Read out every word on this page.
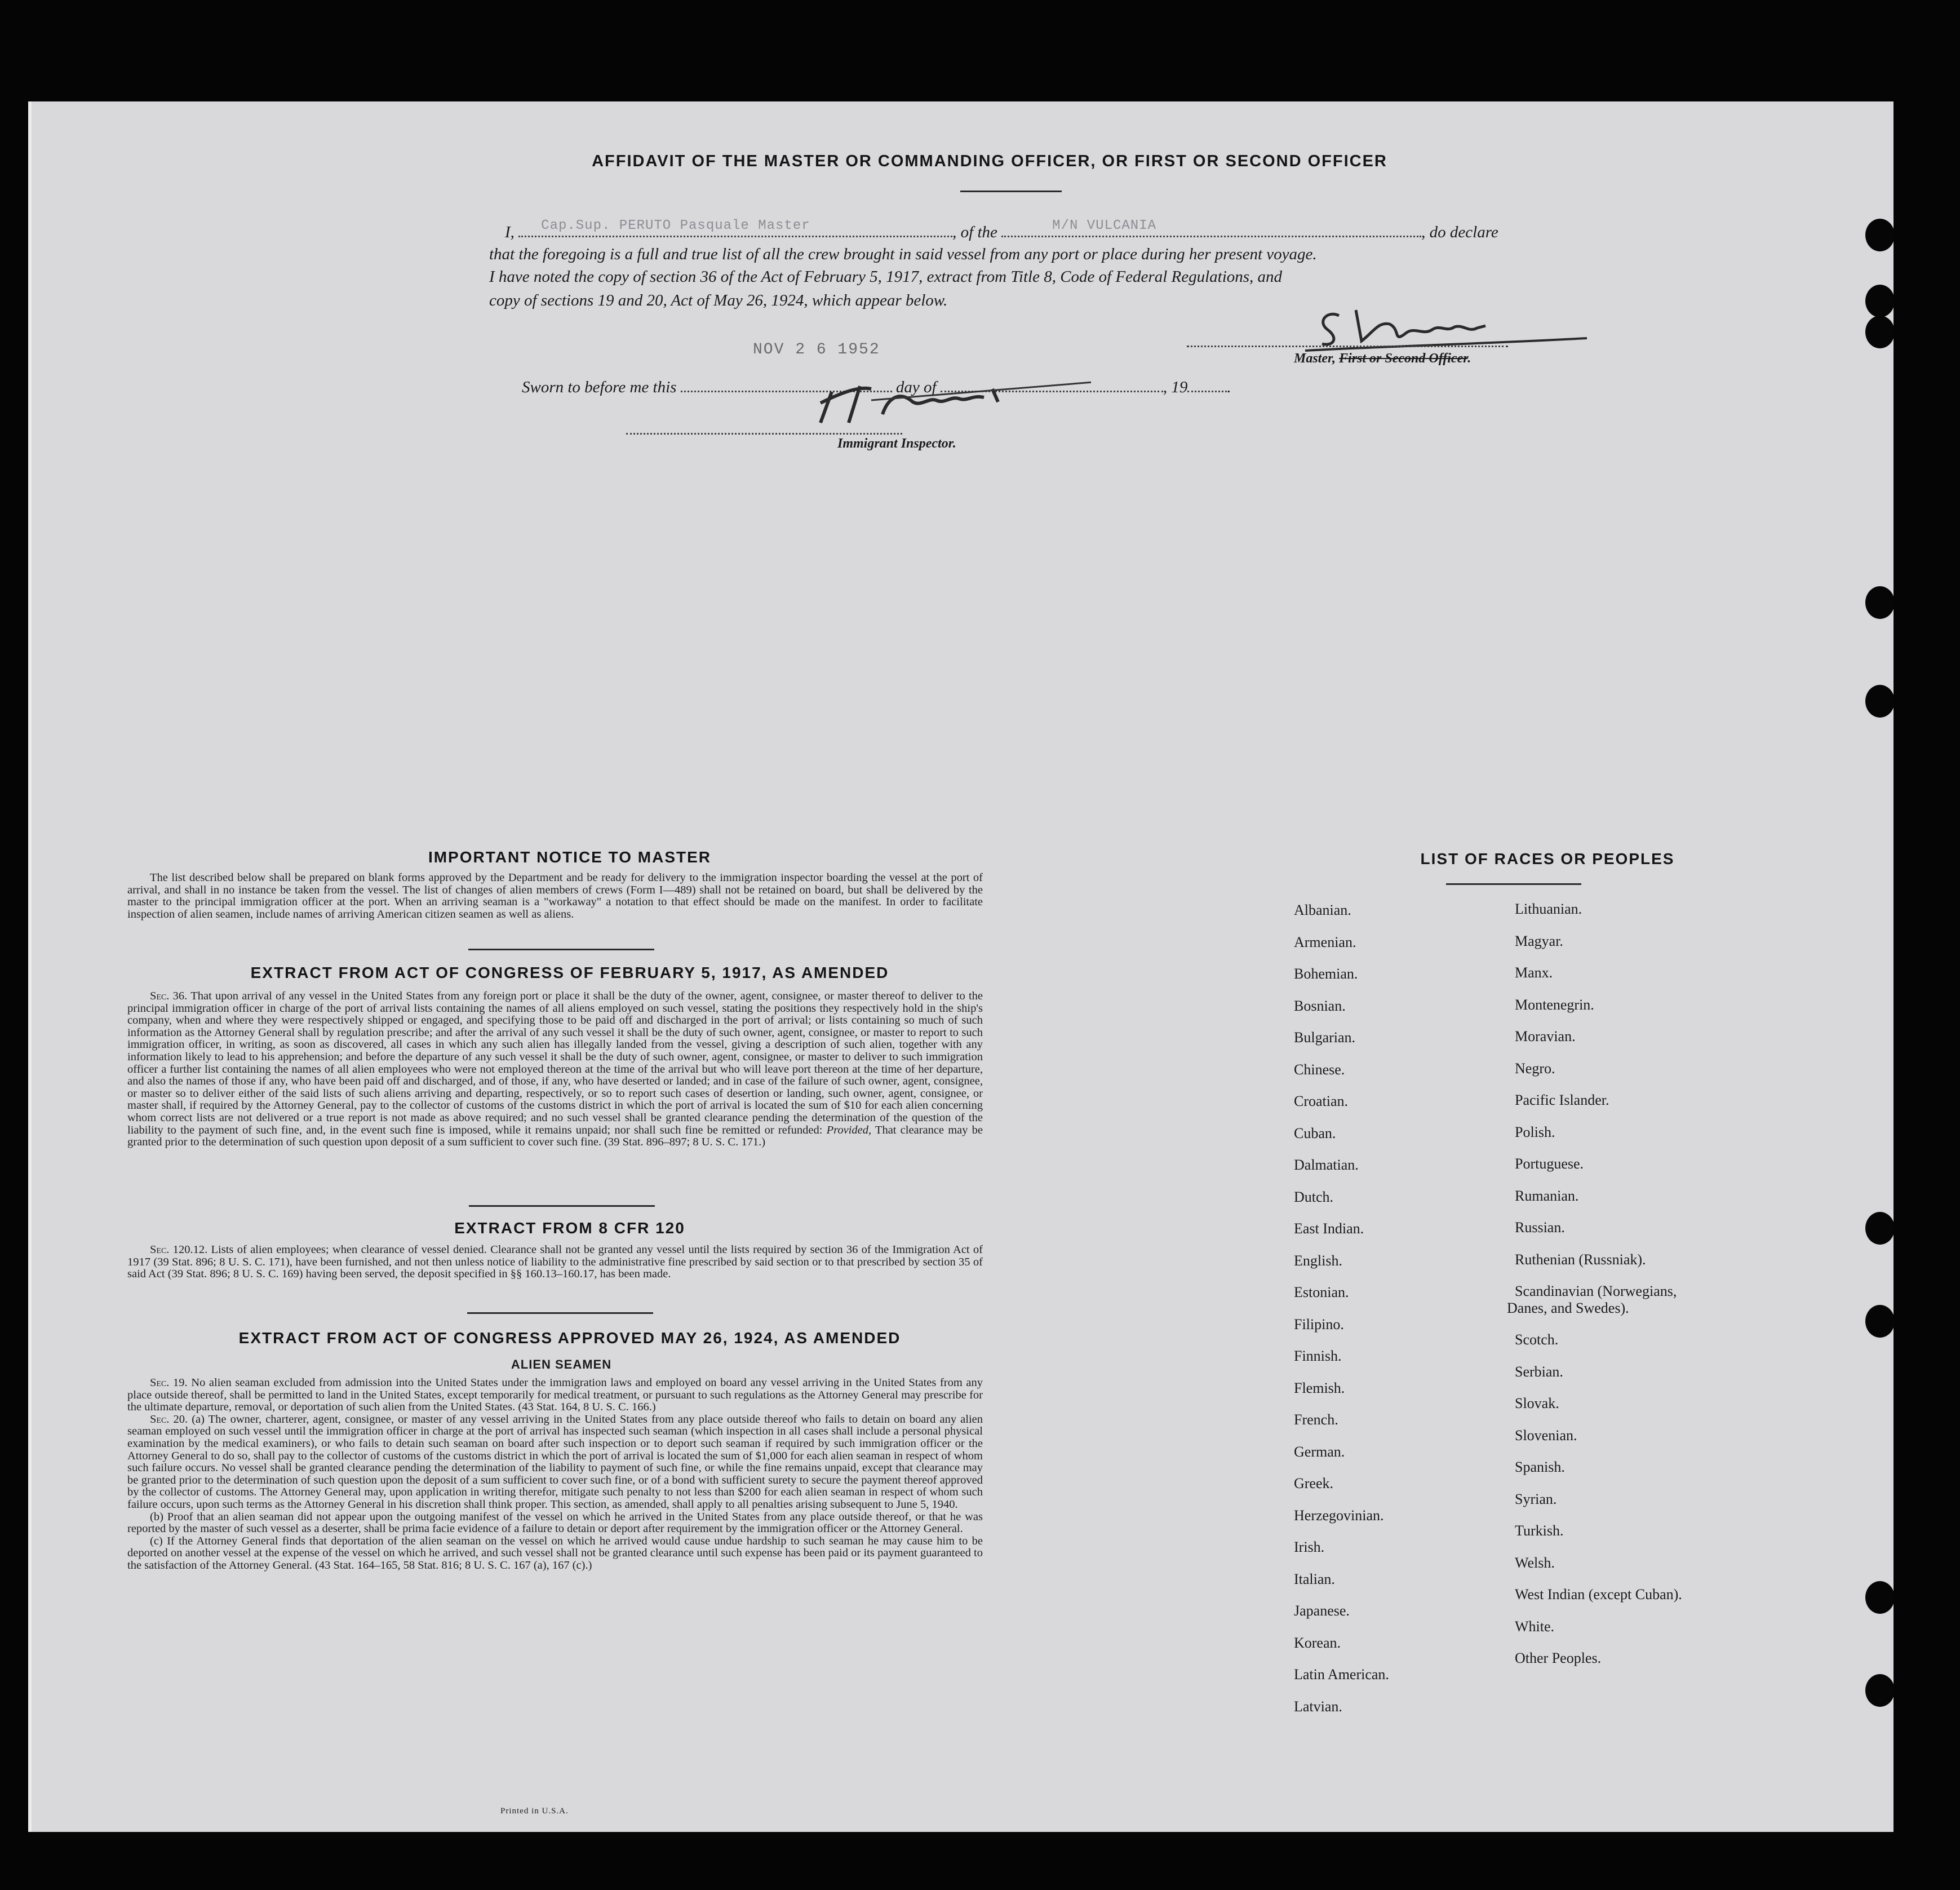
AFFIDAVIT OF THE MASTER OR COMMANDING OFFICER, OR FIRST OR SECOND OFFICER
I, Cap.Sup. PERUTO Pasquale Master	, of the	M/N VULCANIA	, do declare
that the foregoing is a full and true list of all the crew brought in said vessel from any port or place during her present voyage.
I have noted the copy of section 36 of the Act of February 5, 1917, extract from Title 8, Code of Federal Regulations, and
copy of sections 19 and 20, Act of May 26, 1924, which appear below.
NOV 2 6 1952	Master, First or Second Officer.
Sworn to before me this	day of	, 19 .
Immigrant Inspector.
IMPORTANT NOTICE TO MASTER

The list described below shall be prepared on blank forms approved by the Department and be ready for delivery to the immigration inspector boarding the vessel at the port of arrival, and shall in no instance be taken from the vessel. The list of changes of alien members of crews (Form I—489) shall not be retained on board, but shall be delivered by the master to the principal immigration officer at the port. When an arriving seaman is a "workaway" a notation to that effect should be made on the manifest. In order to facilitate inspection of alien seamen, include names of arriving American citizen seamen as well as aliens.

EXTRACT FROM ACT OF CONGRESS OF FEBRUARY 5, 1917, AS AMENDED

Sec. 36. That upon arrival of any vessel in the United States from any foreign port or place it shall be the duty of the owner, agent, consignee, or master thereof to deliver to the principal immigration officer in charge of the port of arrival lists containing the names of all aliens employed on such vessel, stating the positions they respectively hold in the ship's company, when and where they were respectively shipped or engaged, and specifying those to be paid off and discharged in the port of arrival; or lists containing so much of such information as the Attorney General shall by regulation prescribe; and after the arrival of any such vessel it shall be the duty of such owner, agent, consignee, or master to report to such immigration officer, in writing, as soon as discovered, all cases in which any such alien has illegally landed from the vessel, giving a description of such alien, together with any information likely to lead to his apprehension; and before the departure of any such vessel it shall be the duty of such owner, agent, consignee, or master to deliver to such immigration officer a further list containing the names of all alien employees who were not employed thereon at the time of the arrival but who will leave port thereon at the time of her departure, and also the names of those if any, who have been paid off and discharged, and of those, if any, who have deserted or landed; and in case of the failure of such owner, agent, consignee, or master so to deliver either of the said lists of such aliens arriving and departing, respectively, or so to report such cases of desertion or landing, such owner, agent, consignee, or master shall, if required by the Attorney General, pay to the collector of customs of the customs district in which the port of arrival is located the sum of $10 for each alien concerning whom correct lists are not delivered or a true report is not made as above required; and no such vessel shall be granted clearance pending the determination of the question of the liability to the payment of such fine, and, in the event such fine is imposed, while it remains unpaid; nor shall such fine be remitted or refunded: Provided, That clearance may be granted prior to the determination of such question upon deposit of a sum sufficient to cover such fine. (39 Stat. 896–897; 8 U. S. C. 171.)

EXTRACT FROM 8 CFR 120

Sec. 120.12. Lists of alien employees; when clearance of vessel denied. Clearance shall not be granted any vessel until the lists required by section 36 of the Immigration Act of 1917 (39 Stat. 896; 8 U. S. C. 171), have been furnished, and not then unless notice of liability to the administrative fine prescribed by said section or to that prescribed by section 35 of said Act (39 Stat. 896; 8 U. S. C. 169) having been served, the deposit specified in §§ 160.13–160.17, has been made.

EXTRACT FROM ACT OF CONGRESS APPROVED MAY 26, 1924, AS AMENDED
ALIEN SEAMEN

Sec. 19. No alien seaman excluded from admission into the United States under the immigration laws and employed on board any vessel arriving in the United States from any place outside thereof, shall be permitted to land in the United States, except temporarily for medical treatment, or pursuant to such regulations as the Attorney General may prescribe for the ultimate departure, removal, or deportation of such alien from the United States. (43 Stat. 164, 8 U. S. C. 166.)

Sec. 20. (a) The owner, charterer, agent, consignee, or master of any vessel arriving in the United States from any place outside thereof who fails to detain on board any alien seaman employed on such vessel until the immigration officer in charge at the port of arrival has inspected such seaman (which inspection in all cases shall include a personal physical examination by the medical examiners), or who fails to detain such seaman on board after such inspection or to deport such seaman if required by such immigration officer or the Attorney General to do so, shall pay to the collector of customs of the customs district in which the port of arrival is located the sum of $1,000 for each alien seaman in respect of whom such failure occurs. No vessel shall be granted clearance pending the determination of the liability to payment of such fine, or while the fine remains unpaid, except that clearance may be granted prior to the determination of such question upon the deposit of a sum sufficient to cover such fine, or of a bond with sufficient surety to secure the payment thereof approved by the collector of customs. The Attorney General may, upon application in writing therefor, mitigate such penalty to not less than $200 for each alien seaman in respect of whom such failure occurs, upon such terms as the Attorney General in his discretion shall think proper. This section, as amended, shall apply to all penalties arising subsequent to June 5, 1940.

(b) Proof that an alien seaman did not appear upon the outgoing manifest of the vessel on which he arrived in the United States from any place outside thereof, or that he was reported by the master of such vessel as a deserter, shall be prima facie evidence of a failure to detain or deport after requirement by the immigration officer or the Attorney General.

(c) If the Attorney General finds that deportation of the alien seaman on the vessel on which he arrived would cause undue hardship to such seaman he may cause him to be deported on another vessel at the expense of the vessel on which he arrived, and such vessel shall not be granted clearance until such expense has been paid or its payment guaranteed to the satisfaction of the Attorney General. (43 Stat. 164–165, 58 Stat. 816; 8 U. S. C. 167 (a), 167 (c).)

Printed in U.S.A.
LIST OF RACES OR PEOPLES
Albanian.
Armenian.
Bohemian.
Bosnian.
Bulgarian.
Chinese.
Croatian.
Cuban.
Dalmatian.
Dutch.
East Indian.
English.
Estonian.
Filipino.
Finnish.
Flemish.
French.
German.
Greek.
Herzegovinian.
Irish.
Italian.
Japanese.
Korean.
Latin American.
Latvian.
Lithuanian.
Magyar.
Manx.
Montenegrin.
Moravian.
Negro.
Pacific Islander.
Polish.
Portuguese.
Rumanian.
Russian.
Ruthenian (Russniak).
Scandinavian (Norwegians,
Danes, and Swedes).
Scotch.
Serbian.
Slovak.
Slovenian.
Spanish.
Syrian.
Turkish.
Welsh.
West Indian (except Cuban).
White.
Other Peoples.
